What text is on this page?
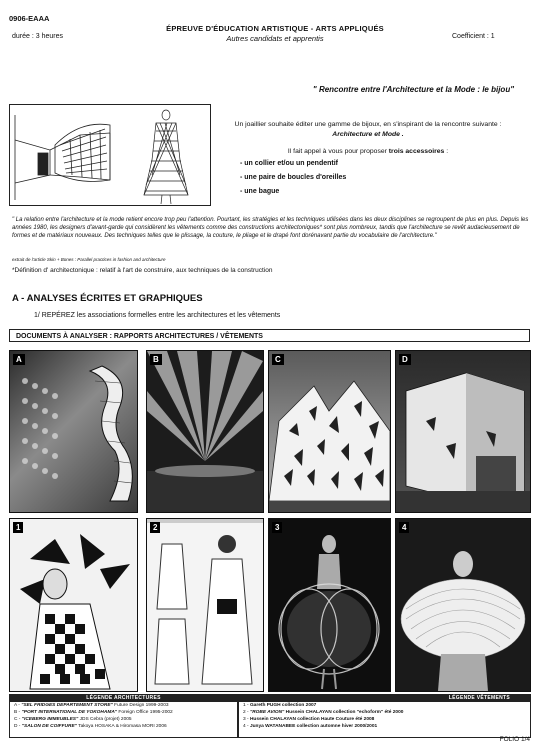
0906-EAAA
durée : 3 heures
ÉPREUVE D'ÉDUCATION ARTISTIQUE - ARTS APPLIQUÉS
Autres candidats et apprentis	Coefficient : 1
" Rencontre entre l'Architecture et la Mode : le bijou"
Un joaillier souhaite éditer une gamme de bijoux, en s'inspirant de la rencontre suivante :
Architecture et Mode .
Il fait appel à vous pour proposer trois accessoires :
- un collier et/ou un pendentif
- une paire de boucles d'oreilles
- une bague
" La relation entre l'architecture et la mode retient encore trop peu l'attention. Pourtant, les stratégies et les techniques utilisées dans les deux disciplines se regroupent de plus en plus. Depuis les années 1980, les designers d'avant-garde qui considèrent les vêtements comme des constructions architectoniques* sont plus nombreux, tandis que l'architecture se revêt audacieusement de formes et de matériaux nouveaux. Des techniques telles que le plissage, la couture, le pliage et le drapé font dorénavant partie du vocabulaire de l'architecture."
extrait de l'article Skin + Bones : Parallel practices in fashion and architecture
*Définition d' architectonique : relatif à l'art de construire, aux techniques de la construction
A - ANALYSES ÉCRITES ET GRAPHIQUES
1/ REPÉREZ les associations formelles entre les architectures et les vêtements
DOCUMENTS À ANALYSER : RAPPORTS ARCHITECTURES / VÊTEMENTS
A	B	C	D
1	2	3	4
LÉGENDE ARCHITECTURES
A - "SEL FRIDGES DEPARTEMENT STORE" Future Design 1999-2003
B - "PORT INTERNATIONAL DE YOKOHAMA" Foreign Office 1995-2002
C - "ICEBERG IMMEUBLES" JDS Cebra (projet) 2005
D - "SALON DE COIFFURE" Takoya HOSAKA & Hiromasa MORI 2006
LÉGENDE VÊTEMENTS
1 - Gareth PUGH collection 2007
2 - "ROBE AVION" Hussein CHALAYAN collection "echoform" été 2000
3 - Hussein CHALAYAN collection Haute Couture été 2008
4 - Junya WATANABEE collection automne hiver 2000/2001
FOLIO 1/4
